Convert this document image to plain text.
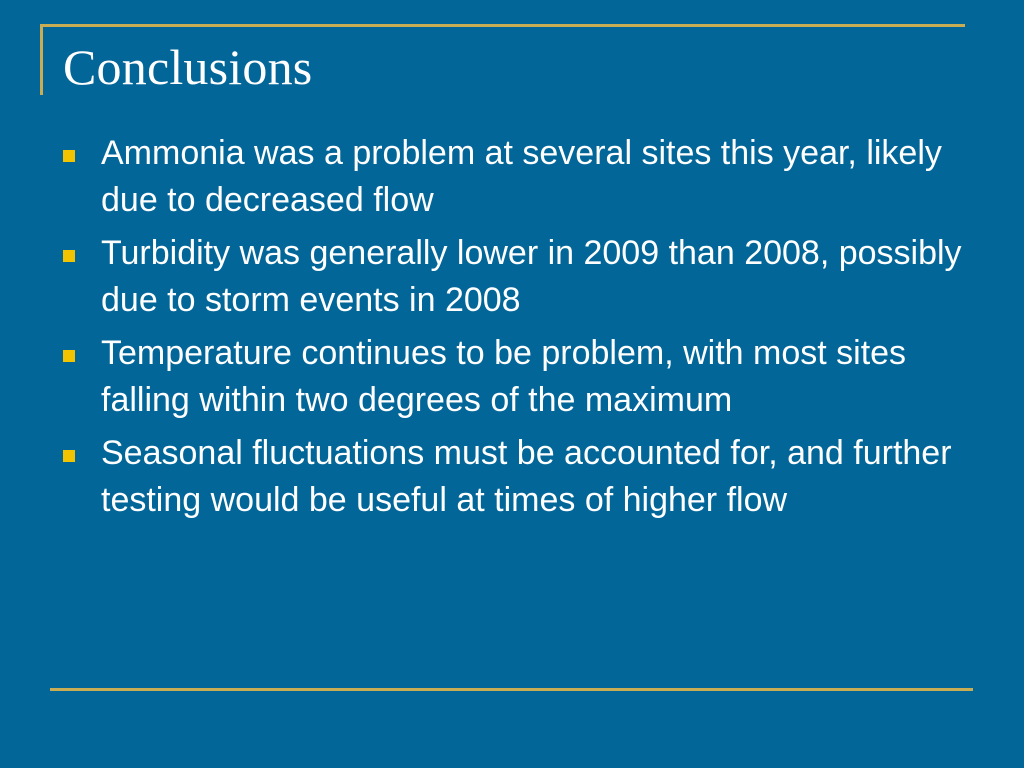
Conclusions
Ammonia was a problem at several sites this year, likely due to decreased flow
Turbidity was generally lower in 2009 than 2008, possibly due to storm events in 2008
Temperature continues to be problem, with most sites falling within two degrees of the maximum
Seasonal fluctuations must be accounted for, and further testing would be useful at times of higher flow
